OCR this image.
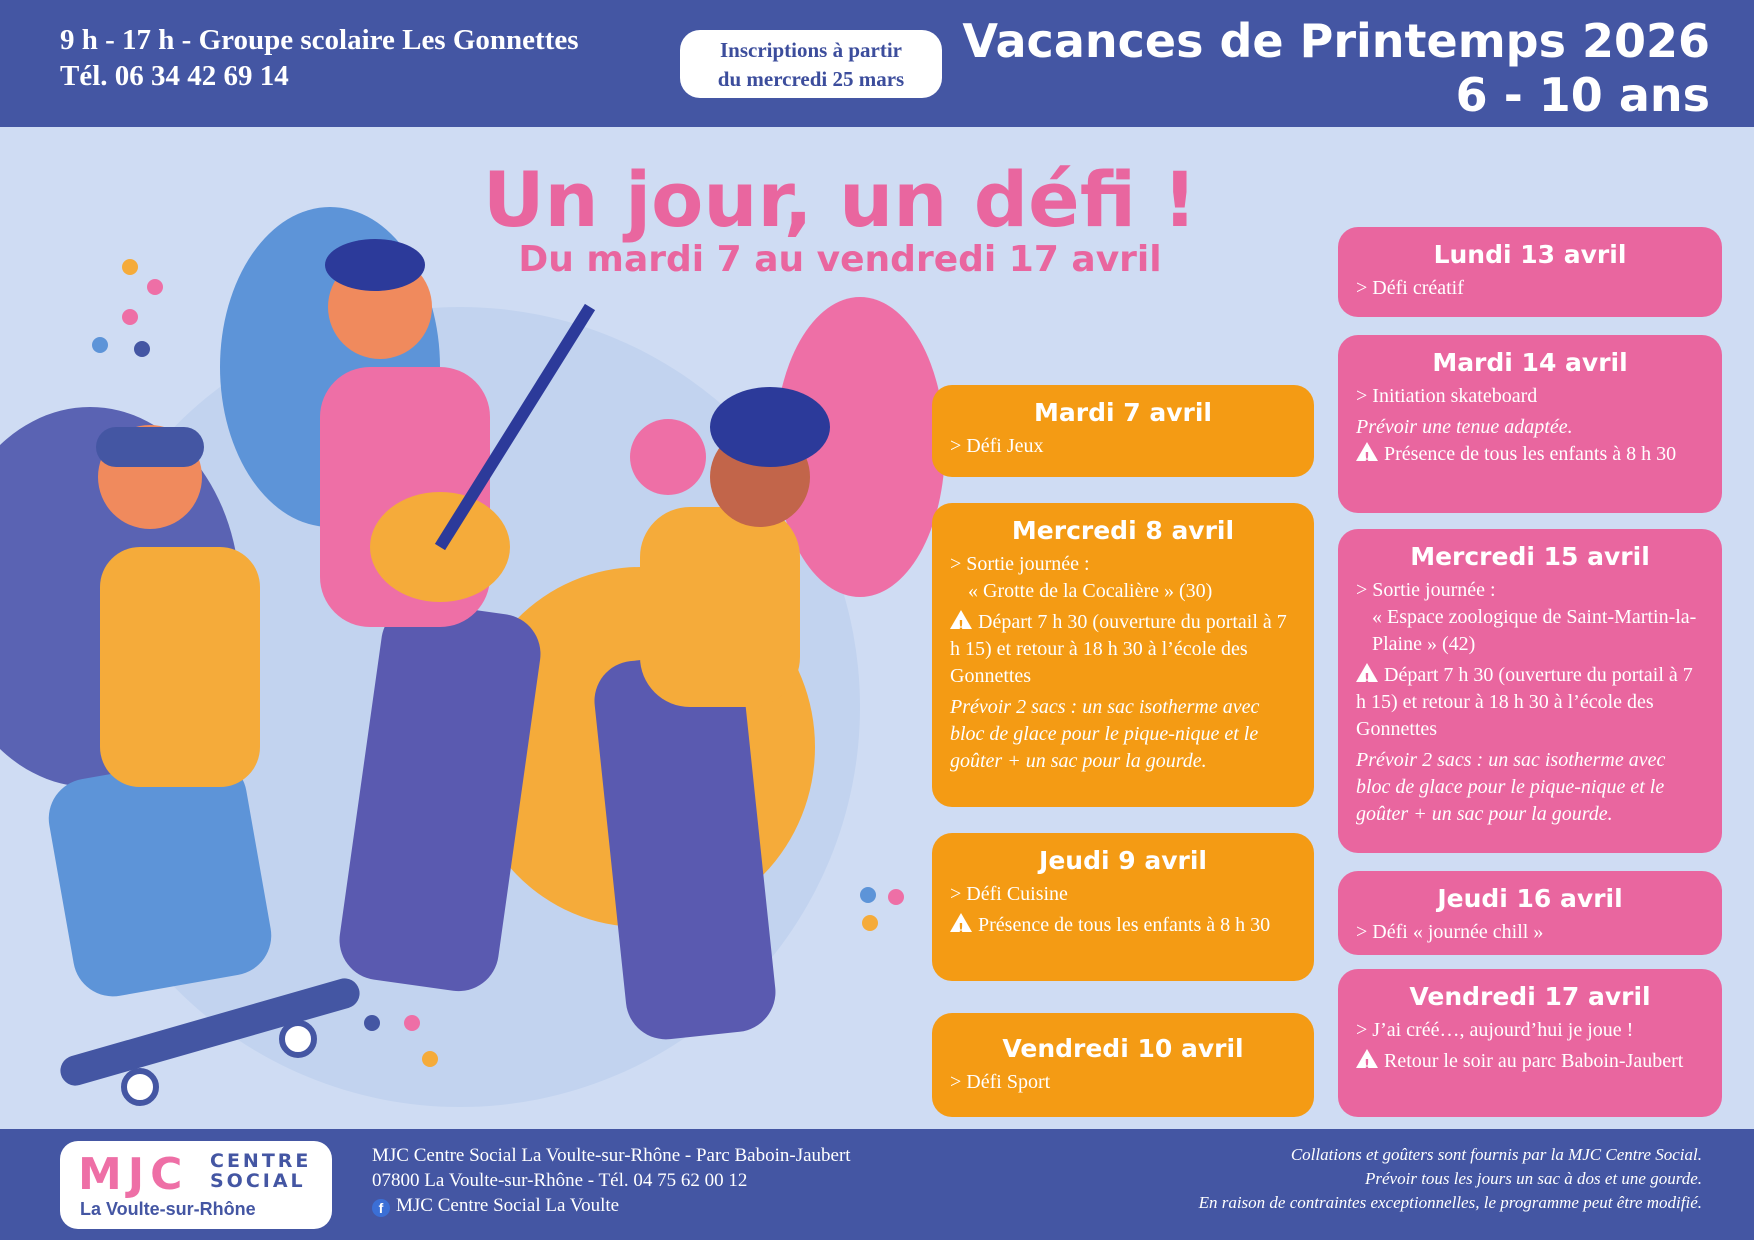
9 h - 17 h - Groupe scolaire Les Gonnettes
Tél. 06 34 42 69 14
Inscriptions à partir
du mercredi 25 mars
Vacances de Printemps 2026
6 - 10 ans
Un jour, un défi !
Du mardi 7 au vendredi 17 avril
Mardi 7 avril
> Défi Jeux
Mercredi 8 avril
> Sortie journée :
« Grotte de la Cocalière » (30)
!Départ 7 h 30 (ouverture du portail à 7 h 15) et retour à 18 h 30 à l’école des Gonnettes
Prévoir 2 sacs : un sac isotherme avec bloc de glace pour le pique-nique et le goûter + un sac pour la gourde.
Jeudi 9 avril
> Défi Cuisine
!Présence de tous les enfants à 8 h 30
Vendredi 10 avril
> Défi Sport
Lundi 13 avril
> Défi créatif
Mardi 14 avril
> Initiation skateboard
Prévoir une tenue adaptée.
!Présence de tous les enfants à 8 h 30
Mercredi 15 avril
> Sortie journée :
« Espace zoologique de Saint-Martin-la-Plaine » (42)
!Départ 7 h 30 (ouverture du portail à 7 h 15) et retour à 18 h 30 à l’école des Gonnettes
Prévoir 2 sacs : un sac isotherme avec bloc de glace pour le pique-nique et le goûter + un sac pour la gourde.
Jeudi 16 avril
> Défi « journée chill »
Vendredi 17 avril
> J’ai créé…, aujourd’hui je joue !
!Retour le soir au parc Baboin-Jaubert
MJC CENTRE
SOCIAL
La Voulte-sur-Rhône
MJC Centre Social La Voulte-sur-Rhône - Parc Baboin-Jaubert
07800 La Voulte-sur-Rhône - Tél. 04 75 62 00 12
f MJC Centre Social La Voulte
Collations et goûters sont fournis par la MJC Centre Social.
Prévoir tous les jours un sac à dos et une gourde.
En raison de contraintes exceptionnelles, le programme peut être modifié.
